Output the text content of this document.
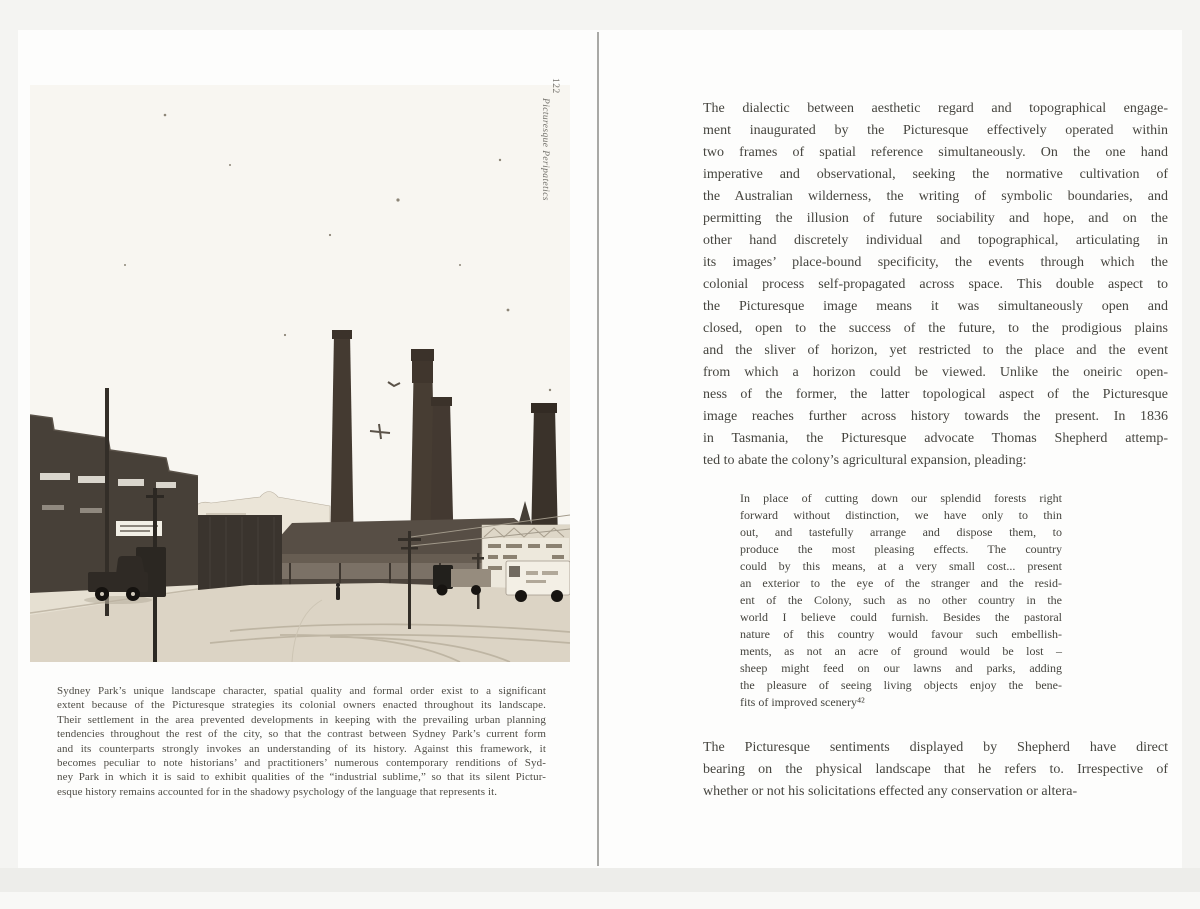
Sydney Park’s unique landscape character, spatial quality and formal order exist to a significant
extent because of the Picturesque strategies its colonial owners enacted throughout its landscape.
Their settlement in the area prevented developments in keeping with the prevailing urban planning
tendencies throughout the rest of the city, so that the contrast between Sydney Park’s current form
and its counterparts strongly invokes an understanding of its history. Against this framework, it
becomes peculiar to note historians’ and practitioners’ numerous contemporary renditions of Syd-
ney Park in which it is said to exhibit qualities of the “industrial sublime,” so that its silent Pictur-
esque history remains accounted for in the shadowy psychology of the language that represents it.
122
Picturesque Peripatetics	The dialectic between aesthetic regard and topographical engage-
ment inaugurated by the Picturesque effectively operated within
two frames of spatial reference simultaneously. On the one hand
imperative and observational, seeking the normative cultivation of
the Australian wilderness, the writing of symbolic boundaries, and
permitting the illusion of future sociability and hope, and on the
other hand discretely individual and topographical, articulating in
its images’ place-bound specificity, the events through which the
colonial process self-propagated across space. This double aspect to
the Picturesque image means it was simultaneously open and
closed, open to the success of the future, to the prodigious plains
and the sliver of horizon, yet restricted to the place and the event
from which a horizon could be viewed. Unlike the oneiric open-
ness of the former, the latter topological aspect of the Picturesque
image reaches further across history towards the present. In 1836
in Tasmania, the Picturesque advocate Thomas Shepherd attemp-
ted to abate the colony’s agricultural expansion, pleading:
In place of cutting down our splendid forests right
forward without distinction, we have only to thin
out, and tastefully arrange and dispose them, to
produce the most pleasing effects. The country
could by this means, at a very small cost... present
an exterior to the eye of the stranger and the resid-
ent of the Colony, such as no other country in the
world I believe could furnish. Besides the pastoral
nature of this country would favour such embellish-
ments, as not an acre of ground would be lost –
sheep might feed on our lawns and parks, adding
the pleasure of seeing living objects enjoy the bene-
fits of improved scenery⁴²
The Picturesque sentiments displayed by Shepherd have direct
bearing on the physical landscape that he refers to. Irrespective of
whether or not his solicitations effected any conservation or altera-
